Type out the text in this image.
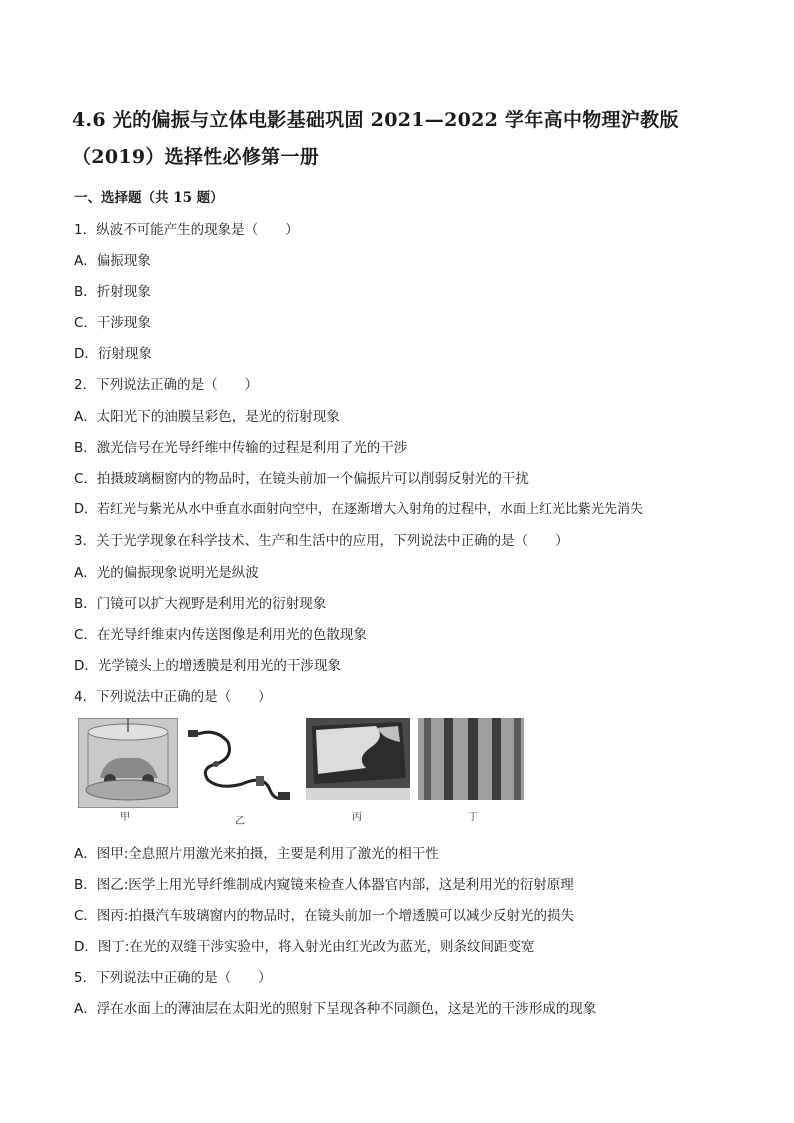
4.6 光的偏振与立体电影基础巩固 2021—2022 学年高中物理沪教版
（2019）选择性必修第一册
一、选择题（共 15 题）
1．纵波不可能产生的现象是（　　）
A．偏振现象
B．折射现象
C．干涉现象
D．衍射现象
2．下列说法正确的是（　　）
A．太阳光下的油膜呈彩色，是光的衍射现象
B．激光信号在光导纤维中传输的过程是利用了光的干涉
C．拍摄玻璃橱窗内的物品时，在镜头前加一个偏振片可以削弱反射光的干扰
D．若红光与紫光从水中垂直水面射向空中，在逐渐增大入射角的过程中，水面上红光比紫光先消失
3．关于光学现象在科学技术、生产和生活中的应用，下列说法中正确的是（　　）
A．光的偏振现象说明光是纵波
B．门镜可以扩大视野是利用光的衍射现象
C．在光导纤维束内传送图像是利用光的色散现象
D．光学镜头上的增透膜是利用光的干涉现象
4．下列说法中正确的是（　　）
甲	乙	丙	丁
A．图甲:全息照片用激光来拍摄，主要是利用了激光的相干性
B．图乙:医学上用光导纤维制成内窥镜来检查人体器官内部，这是利用光的衍射原理
C．图丙:拍摄汽车玻璃窗内的物品时，在镜头前加一个增透膜可以减少反射光的损失
D．图丁:在光的双缝干涉实验中，将入射光由红光改为蓝光，则条纹间距变宽
5．下列说法中正确的是（　　）
A．浮在水面上的薄油层在太阳光的照射下呈现各种不同颜色，这是光的干涉形成的现象
